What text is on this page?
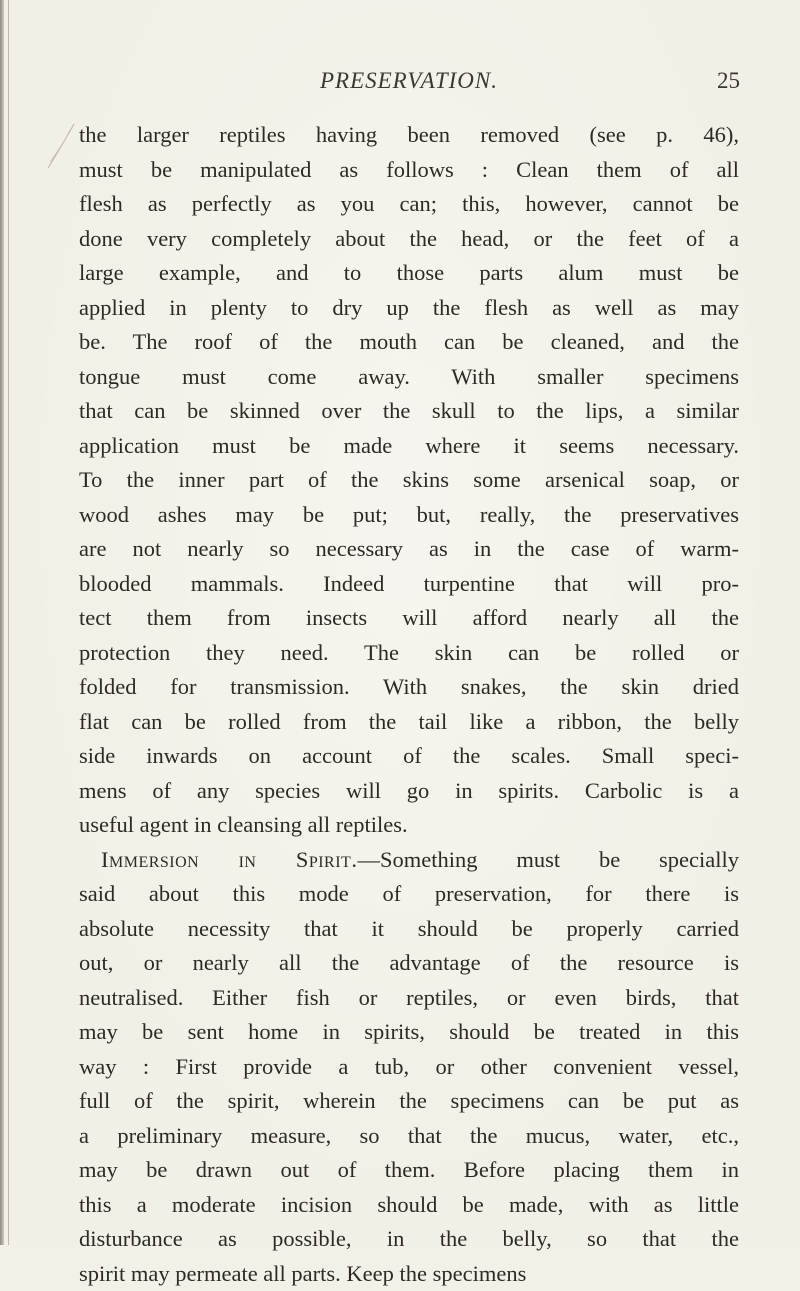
PRESERVATION.	25
the larger reptiles having been removed (see p. 46),
must be manipulated as follows : Clean them of all
flesh as perfectly as you can; this, however, cannot be
done very completely about the head, or the feet of a
large example, and to those parts alum must be
applied in plenty to dry up the flesh as well as may
be. The roof of the mouth can be cleaned, and the
tongue must come away. With smaller specimens
that can be skinned over the skull to the lips, a similar
application must be made where it seems necessary.
To the inner part of the skins some arsenical soap, or
wood ashes may be put; but, really, the preservatives
are not nearly so necessary as in the case of warm-
blooded mammals. Indeed turpentine that will pro-
tect them from insects will afford nearly all the
protection they need. The skin can be rolled or
folded for transmission. With snakes, the skin dried
flat can be rolled from the tail like a ribbon, the belly
side inwards on account of the scales. Small speci-
mens of any species will go in spirits. Carbolic is a
useful agent in cleansing all reptiles.
Immersion in Spirit.—Something must be specially
said about this mode of preservation, for there is
absolute necessity that it should be properly carried
out, or nearly all the advantage of the resource is
neutralised. Either fish or reptiles, or even birds, that
may be sent home in spirits, should be treated in this
way : First provide a tub, or other convenient vessel,
full of the spirit, wherein the specimens can be put as
a preliminary measure, so that the mucus, water, etc.,
may be drawn out of them. Before placing them in
this a moderate incision should be made, with as little
disturbance as possible, in the belly, so that the
spirit may permeate all parts. Keep the specimens
